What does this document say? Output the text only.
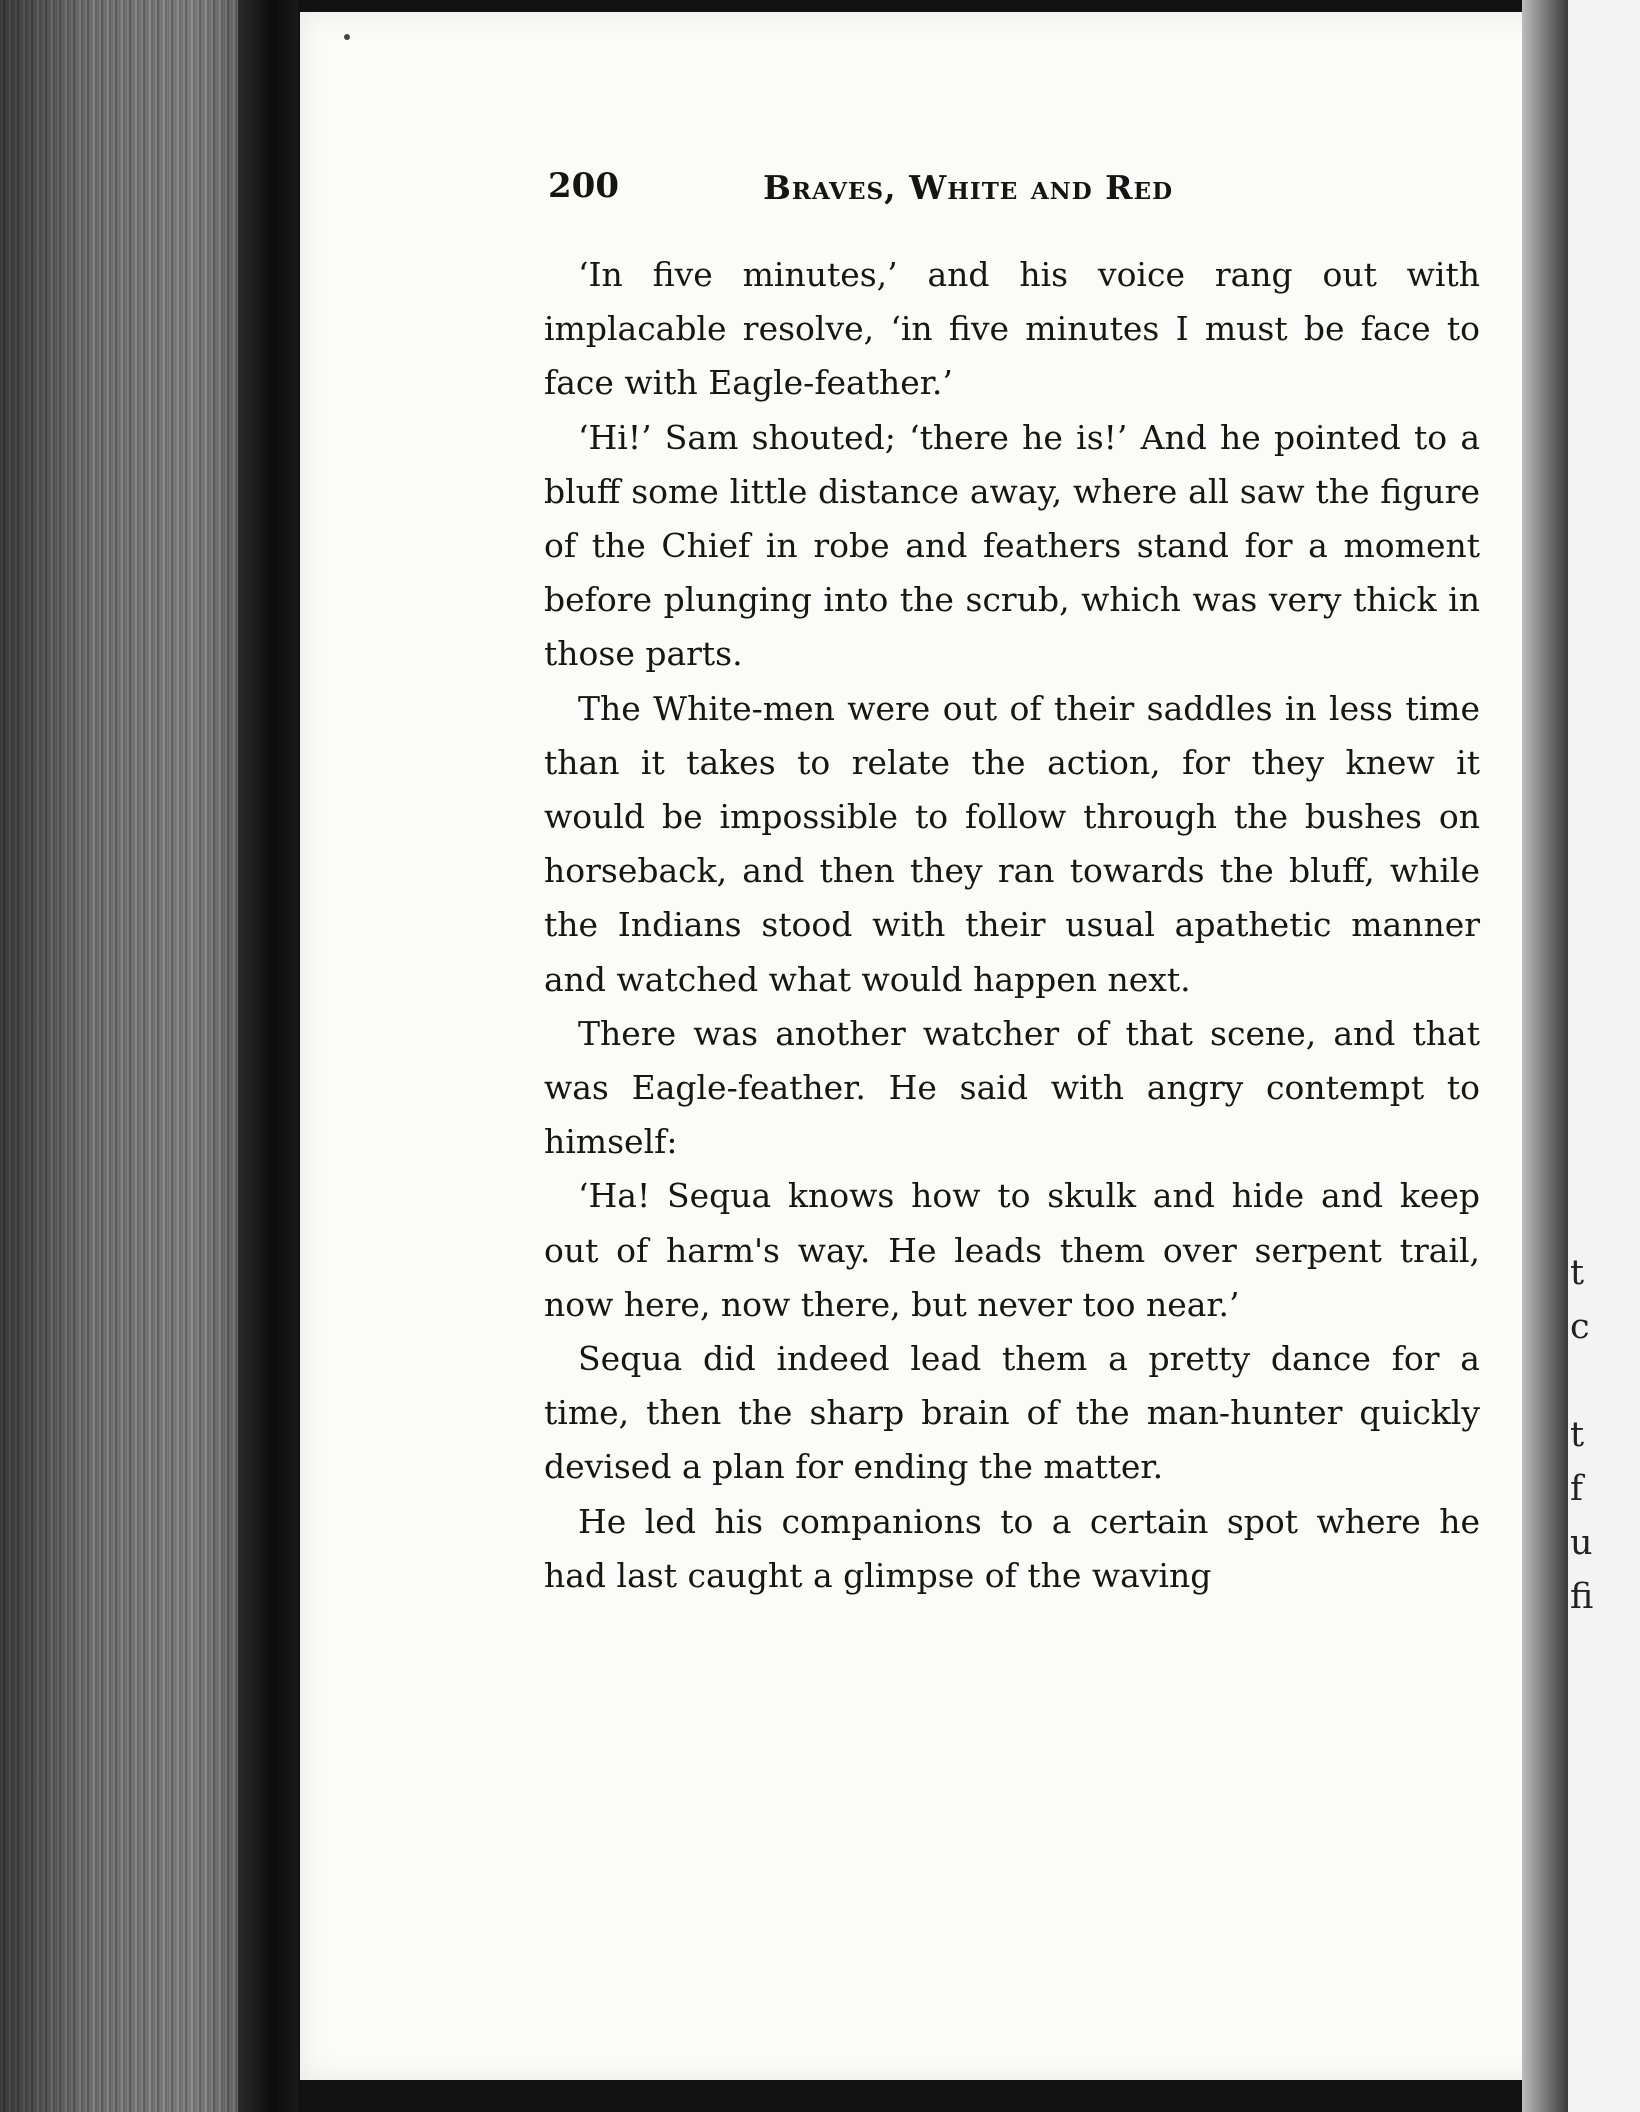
200	Braves, White and Red

‘In five minutes,’ and his voice rang out with implacable resolve, ‘in five minutes I must be face to face with Eagle-feather.’

‘Hi!’ Sam shouted; ‘there he is!’ And he pointed to a bluff some little distance away, where all saw the figure of the Chief in robe and feathers stand for a moment before plunging into the scrub, which was very thick in those parts.

The White-men were out of their saddles in less time than it takes to relate the action, for they knew it would be impossible to follow through the bushes on horseback, and then they ran towards the bluff, while the Indians stood with their usual apathetic manner and watched what would happen next.

There was another watcher of that scene, and that was Eagle-feather. He said with angry contempt to himself:

‘Ha! Sequa knows how to skulk and hide and keep out of harm's way. He leads them over serpent trail, now here, now there, but never too near.’

Sequa did indeed lead them a pretty dance for a time, then the sharp brain of the man-hunter quickly devised a plan for ending the matter.

He led his companions to a certain spot where he had last caught a glimpse of the waving

t
c
t
f
u
fi
